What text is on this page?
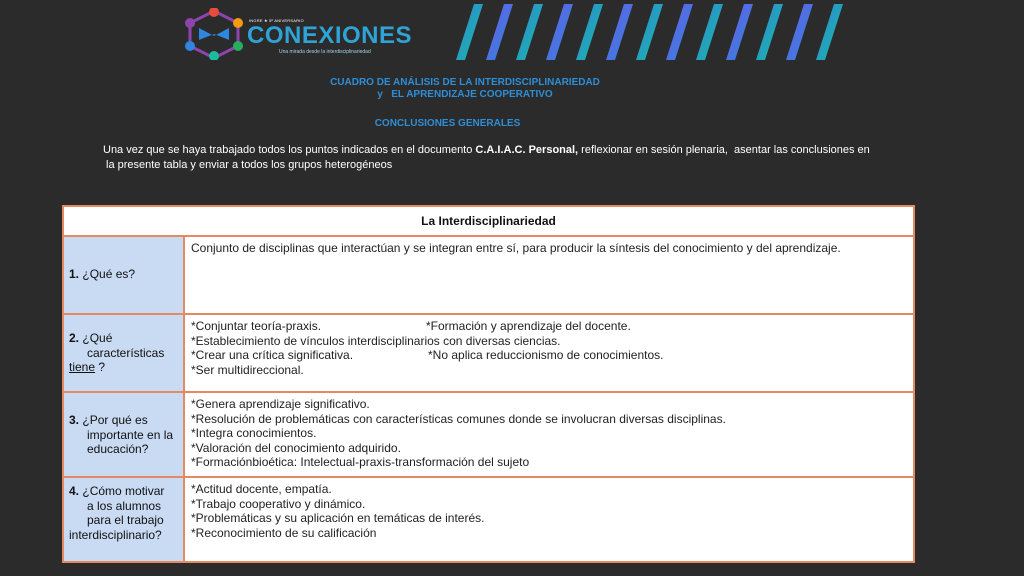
INGRE ★ 5º ANIVERSARIO
CONEXIONES
Una mirada desde la interdisciplinariedad
CUADRO DE ANÁLISIS DE LA INTERDISCIPLINARIEDAD
y   EL APRENDIZAJE COOPERATIVO
CONCLUSIONES GENERALES
Una vez que se haya trabajado todos los puntos indicados en el documento C.A.I.A.C. Personal, reflexionar en sesión plenaria,  asentar las conclusiones en
la presente tabla y enviar a todos los grupos heterogéneos
La Interdisciplinariedad
1. ¿Qué es?
Conjunto de disciplinas que interactúan y se integran entre sí, para producir la síntesis del conocimiento y del aprendizaje.
2. ¿Qué
características
tiene ?
*Conjuntar teoría-praxis.	*Formación y aprendizaje del docente.
*Establecimiento de vínculos interdisciplinarios con diversas ciencias.
*Crear una crítica significativa.	*No aplica reduccionismo de conocimientos.
*Ser multidireccional.
3. ¿Por qué es
importante en la
educación?
*Genera aprendizaje significativo.
*Resolución de problemáticas con características comunes donde se involucran diversas disciplinas.
*Integra conocimientos.
*Valoración del conocimiento adquirido.
*Formaciónbioética: Intelectual-praxis-transformación del sujeto
4. ¿Cómo motivar
a los alumnos
para el trabajo
interdisciplinario?
*Actitud docente, empatía.
*Trabajo cooperativo y dinámico.
*Problemáticas y su aplicación en temáticas de interés.
*Reconocimiento de su calificación
